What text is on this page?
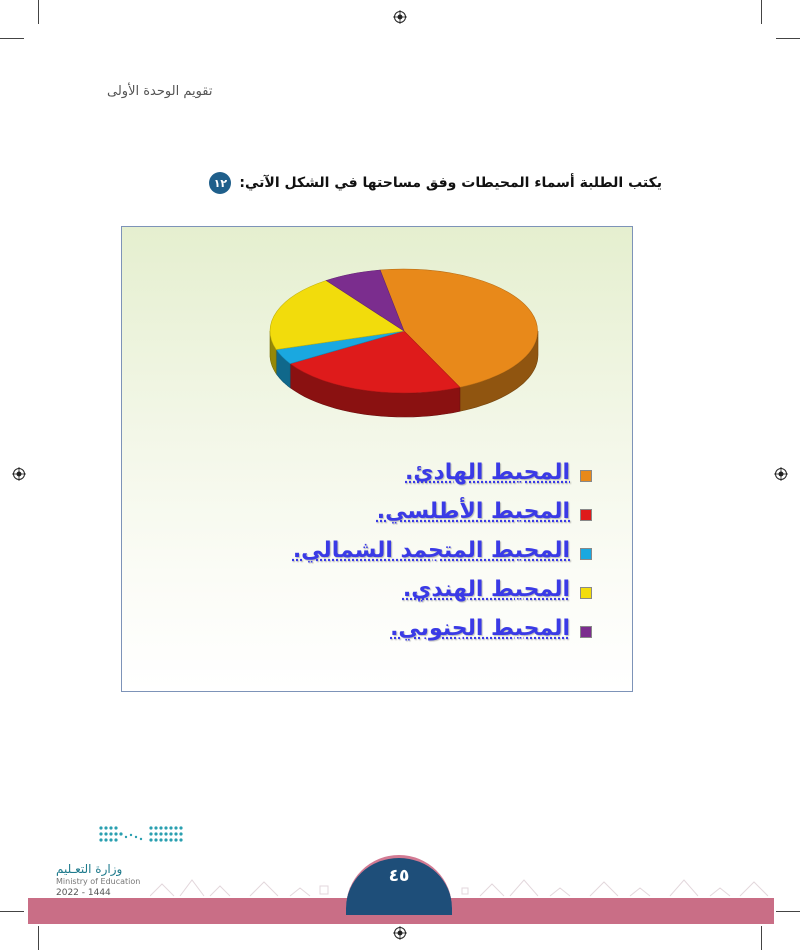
تقويم الوحدة الأولى
١٢ يكتب الطلبة أسماء المحيطات وفق مساحتها في الشكل الآتي:
المحيط الهادئ.
المحيط الأطلسي.
المحيط المتجمد الشمالي.
المحيط الهندي.
المحيط الجنوبي.
وزارة التعـليم
Ministry of Education
2022 - 1444
٤٥
